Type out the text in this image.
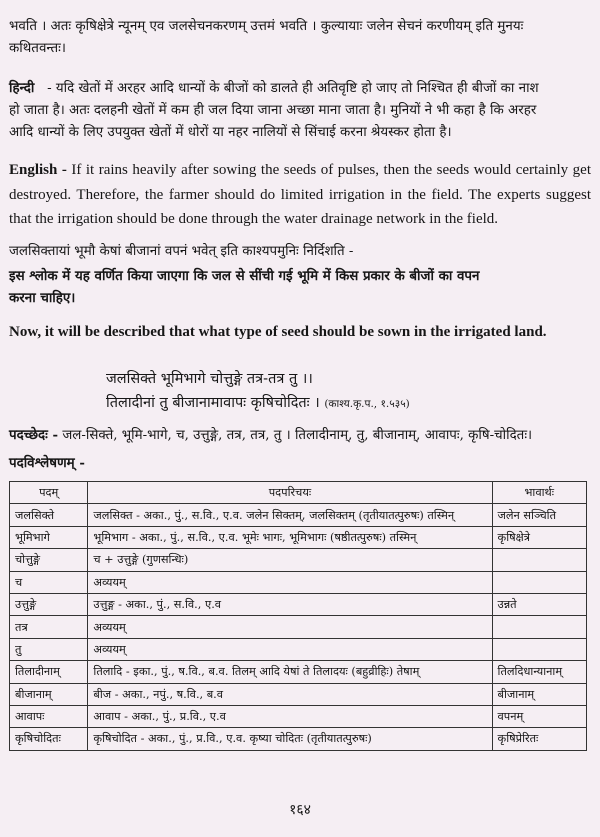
भवति । अतः कृषिक्षेत्रे न्यूनम् एव जलसेचनकरणम् उत्तमं भवति । कुल्यायाः जलेन सेचनं करणीयम् इति मुनयः
कथितवन्तः।
हिन्दी - यदि खेतों में अरहर आदि धान्यों के बीजों को डालते ही अतिवृष्टि हो जाए तो निश्चित ही बीजों का नाश
हो जाता है। अतः दलहनी खेतों में कम ही जल दिया जाना अच्छा माना जाता है। मुनियों ने भी कहा है कि अरहर
आदि धान्यों के लिए उपयुक्त खेतों में धोरों या नहर नालियों से सिंचाई करना श्रेयस्कर होता है।
English - If it rains heavily after sowing the seeds of pulses, then the seeds would certainly get destroyed. Therefore, the farmer should do limited irrigation in the field. The experts suggest that the irrigation should be done through the water drainage network in the field.
जलसिक्तायां भूमौ केषां बीजानां वपनं भवेत् इति काश्यपमुनिः निर्दिशति -
इस श्लोक में यह वर्णित किया जाएगा कि जल से सींची गई भूमि में किस प्रकार के बीजों का वपन
करना चाहिए।
Now, it will be described that what type of seed should be sown in the irrigated land.
जलसिक्ते भूमिभागे चोत्तुङ्गे तत्र-तत्र तु ।।
तिलादीनां तु बीजानामावापः कृषिचोदितः । (काश्य.कृ.प., १.५३५)
पदच्छेदः - जल-सिक्ते, भूमि-भागे, च, उत्तुङ्गे, तत्र, तत्र, तु । तिलादीनाम्, तु, बीजानाम्, आवापः, कृषि-चोदितः।
पदविश्लेषणम् -
पदम्	पदपरिचयः	भावार्थः
जलसिक्ते	जलसिक्त - अका., पुं., स.वि., ए.व. जलेन सिक्तम्, जलसिक्तम् (तृतीयातत्पुरुषः) तस्मिन्	जलेन सञ्चिति
भूमिभागे	भूमिभाग - अका., पुं., स.वि., ए.व. भूमेः भागः, भूमिभागः (षष्ठीतत्पुरुषः) तस्मिन्	कृषिक्षेत्रे
चोत्तुङ्गे	च + उत्तुङ्गे (गुणसन्धिः)	
च	अव्ययम्	
उत्तुङ्गे	उत्तुङ्ग - अका., पुं., स.वि., ए.व	उन्नते
तत्र	अव्ययम्	
तु	अव्ययम्	
तिलादीनाम्	तिलादि - इका., पुं., ष.वि., ब.व. तिलम् आदि येषां ते तिलादयः (बहुव्रीहिः) तेषाम्	तिलदिधान्यानाम्
बीजानाम्	बीज - अका., नपुं., ष.वि., ब.व	बीजानाम्
आवापः	आवाप - अका., पुं., प्र.वि., ए.व	वपनम्
कृषिचोदितः	कृषिचोदित - अका., पुं., प्र.वि., ए.व. कृष्या चोदितः (तृतीयातत्पुरुषः)	कृषिप्रेरितः
१६४
